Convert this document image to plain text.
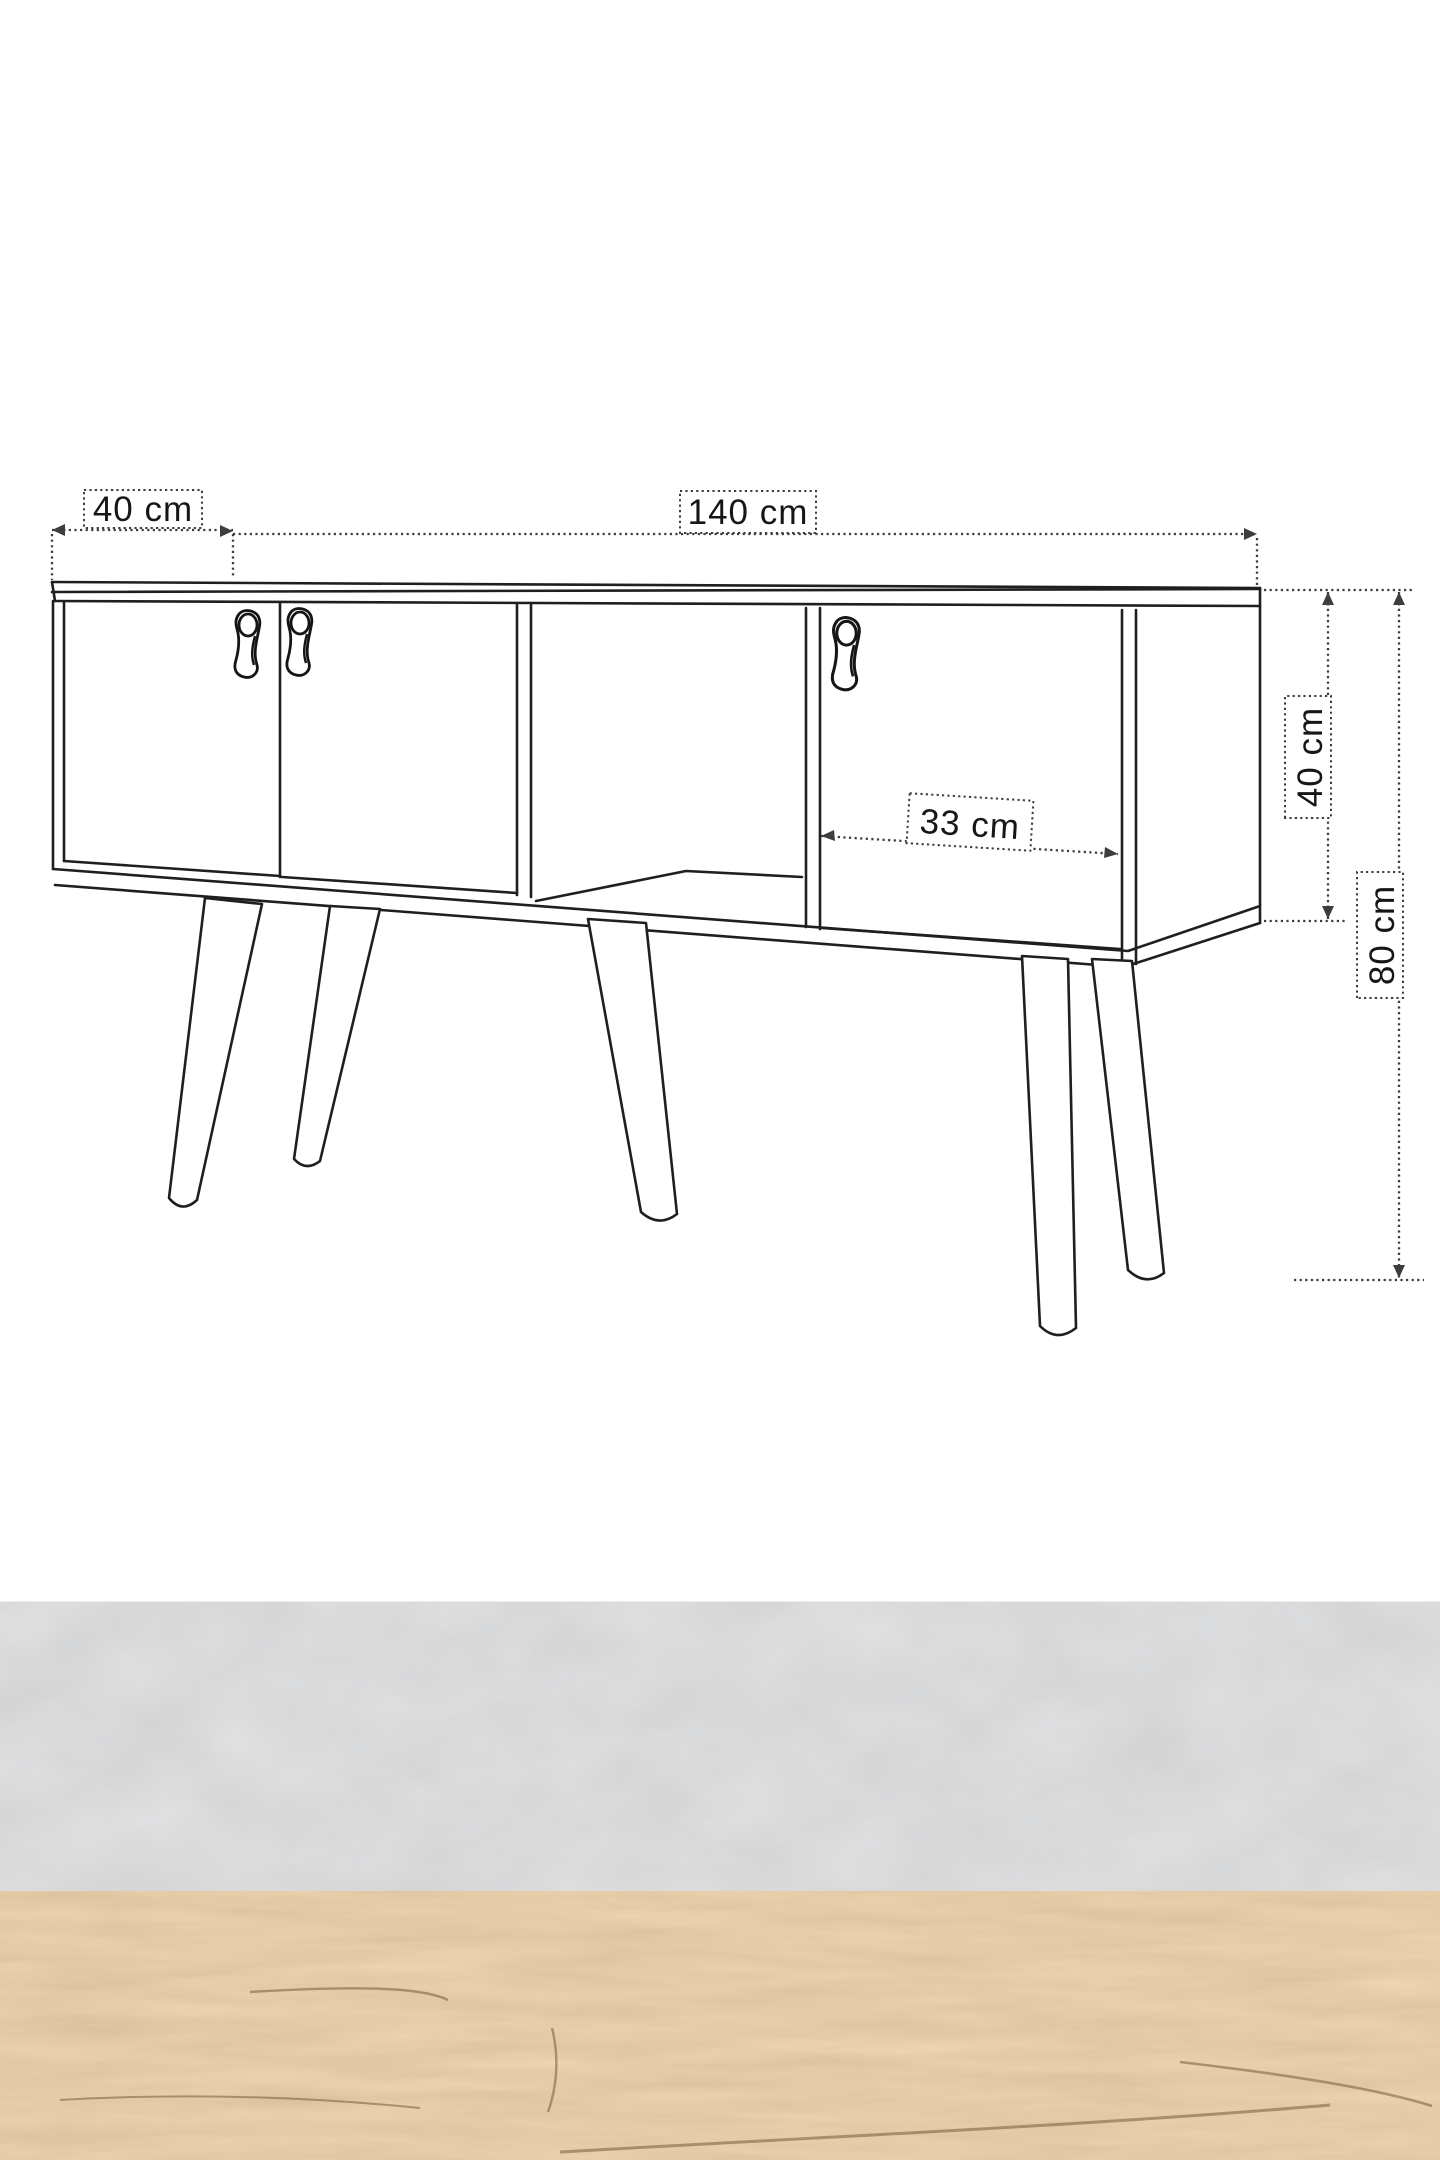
40 cm	140 cm
40 cm
80 cm
33 cm
